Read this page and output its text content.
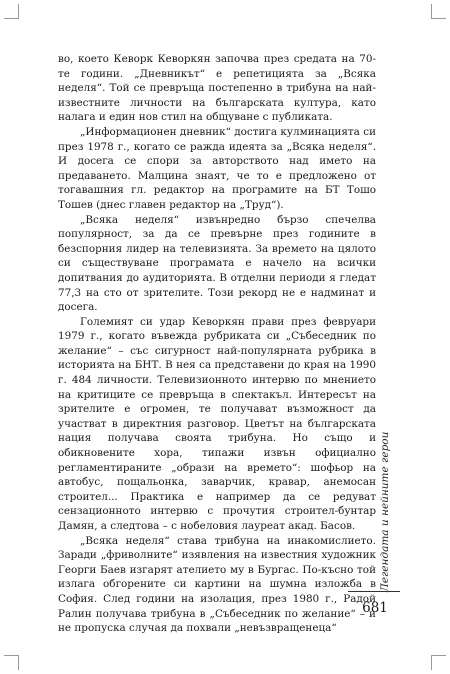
во, което Кеворк Кеворкян започва през средата на 70-те години. „Дневникът“ е репетицията за „Всяка неделя“. Той се превръща постепенно в трибуна на най-известните личности на българската култура, като налага и един нов стил на общуване с публиката.

„Информационен дневник“ достига кулминацията си през 1978 г., когато се ражда идеята за „Всяка неделя“. И досега се спори за авторството над името на предаването. Малцина знаят, че то е предложено от тогавашния гл. редактор на програмите на БТ Тошо Тошев (днес главен редактор на „Труд“).

„Всяка неделя“ извънредно бързо спечелва популярност, за да се превърне през годините в безспорния лидер на телевизията. За времето на цялото си съществуване програмата е начело на всички допитвания до аудиторията. В отделни периоди я гледат 77,3 на сто от зрителите. Този рекорд не е надминат и досега.

Големият си удар Кеворкян прави през февруари 1979 г., когато въвежда рубриката си „Събеседник по желание“ – със сигурност най-популярната рубрика в историята на БНТ. В нея са представени до края на 1990 г. 484 личности. Телевизионното интервю по мнението на критиците се превръща в спектакъл. Интересът на зрителите е огромен, те получават възможност да участват в директния разговор. Цветът на българската нация получава своята трибуна. Но също и обикновените хора, типажи извън официално регламентираните „образи на времето“: шофьор на автобус, пощальонка, заварчик, кравар, анемосан строител... Практика е например да се редуват сензационното интервю с прочутия строител-бунтар Дамян, а следтова – с нобеловия лауреат акад. Басов.

„Всяка неделя“ става трибуна на инакомислието. Заради „фриволните“ изявления на известния художник Георги Баев изгарят ателието му в Бургас. По-късно той излага обгорените си картини на шумна изложба в София. След години на изолация, през 1980 г., Радой Ралин получава трибуна в „Събеседник по желание“ – и не пропуска случая да похвали „невъзвращенеца“

Легендата и нейните герои
681
